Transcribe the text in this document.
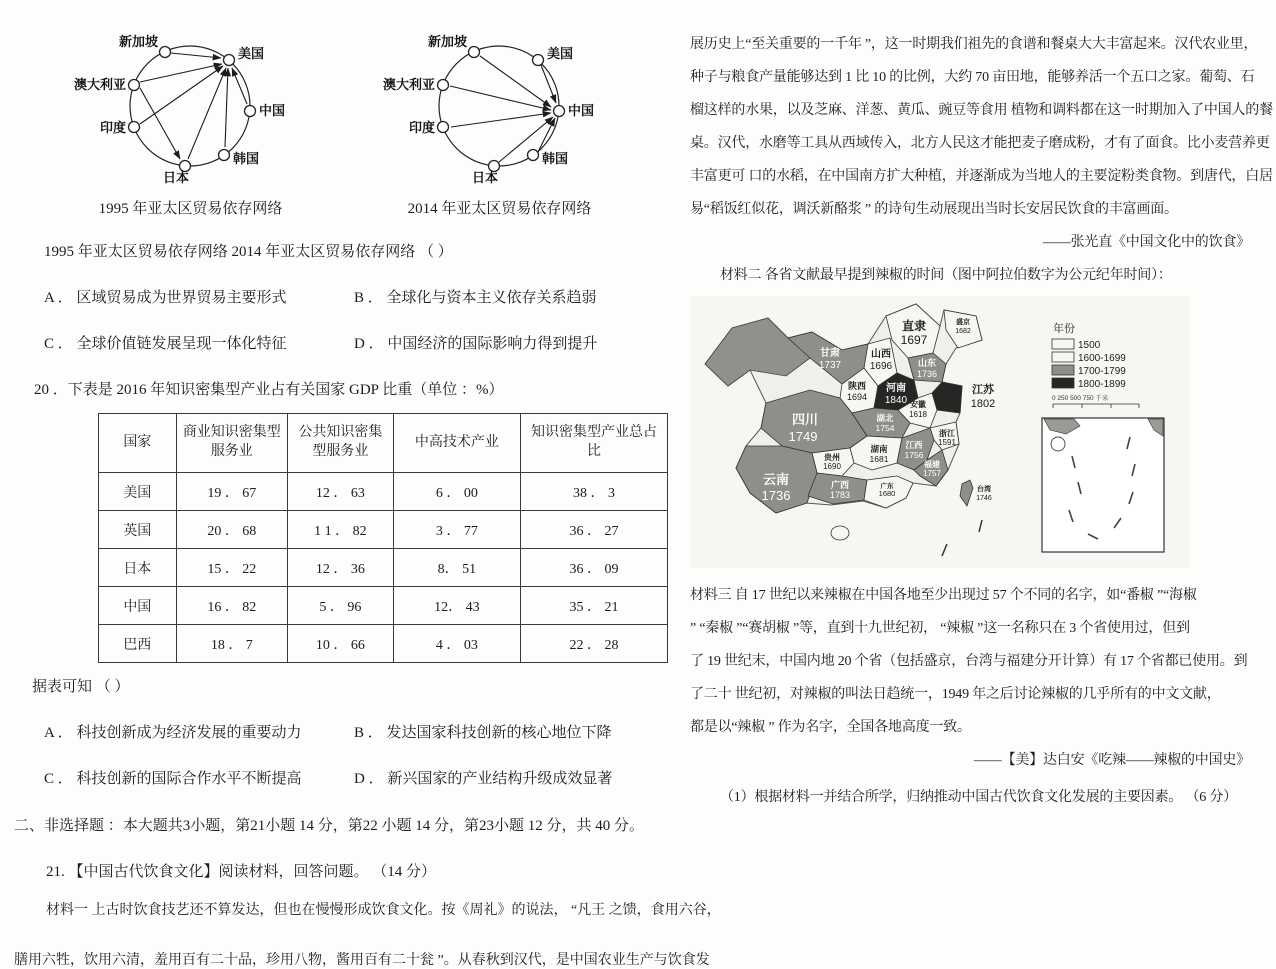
新加坡
美国
中国
韩国
日本
印度
澳大利亚
1995 年亚太区贸易依存网络
新加坡
美国
中国
韩国
日本
印度
澳大利亚
2014 年亚太区贸易依存网络
1995 年亚太区贸易依存网络 2014 年亚太区贸易依存网络 （ ）
A ． 区域贸易成为世界贸易主要形式	B ． 全球化与资本主义依存关系趋弱
C ． 全球价值链发展呈现一体化特征	D ． 中国经济的国际影响力得到提升
20 ．下表是 2016 年知识密集型产业占有关国家 GDP 比重（单位 ：%）
国家	商业知识密集型服务业	公共知识密集型服务业	中高技术产业	知识密集型产业总占比
美国	19 ． 67	12 ． 63	6 ． 00	38 ． 3
英国	20 ． 68	1 1 ． 82	3 ． 77	36 ． 27
日本	15 ． 22	12 ． 36	8． 51	36 ． 09
中国	16 ． 82	5 ． 96	12． 43	35 ． 21
巴西	18 ． 7	10 ． 66	4 ． 03	22 ． 28
据表可知 （ ）
A ． 科技创新成为经济发展的重要动力	B ． 发达国家科技创新的核心地位下降
C ． 科技创新的国际合作水平不断提高	D ． 新兴国家的产业结构升级成效显著
二、非选择题 ：本大题共3小题，第21小题 14 分，第22 小题 14 分，第23小题 12 分，共 40 分。
21. 【中国古代饮食文化】阅读材料，回答问题。 （14 分）
材料一 上古时饮食技艺还不算发达，但也在慢慢形成饮食文化。按《周礼》的说法， “凡王 之馈，食用六谷，
膳用六牲，饮用六清，羞用百有二十品，珍用八物，酱用百有二十瓮 ”。从春秋到汉代，是中国农业生产与饮食发

展历史上“至关重要的一千年 ”，这一时期我们祖先的食谱和餐桌大大丰富起来。汉代农业里，

种子与粮食产量能够达到 1 比 10 的比例，大约 70 亩田地，能够养活一个五口之家。葡萄、石

榴这样的水果，以及芝麻、洋葱、黄瓜、豌豆等食用 植物和调料都在这一时期加入了中国人的餐

桌。汉代，水磨等工具从西域传入，北方人民这才能把麦子磨成粉，才有了面食。比小麦营养更

丰富更可 口的水稻，在中国南方扩大种植，并逐渐成为当地人的主要淀粉类食物。到唐代，白居

易“稻饭红似花，调沃新酪浆 ” 的诗句生动展现出当时长安居民饮食的丰富画面。

——张光直《中国文化中的饮食》

材料二 各省文献最早提到辣椒的时间（图中阿拉伯数字为公元纪年时间）：

甘肃
1737
陕西
1694
山西
1696
直隶
1697
盛京
1682
山东
1736
河南
1840
江苏
1802
安徽
1618
四川
1749
湖北
1754
浙江
1591
湖南
1681
江西
1756
福建
1757
贵州
1690
云南
1736
广西
1783
广东
1680	台湾
1746
年份
1500
1600-1699
1700-1799
1800-1899
0 250 500 750 千米

材料三 自 17 世纪以来辣椒在中国各地至少出现过 57 个不同的名字，如“番椒 ”“海椒

” “秦椒 ”“赛胡椒 ”等，直到十九世纪初， “辣椒 ”这一名称只在 3 个省使用过，但到

了 19 世纪末，中国内地 20 个省（包括盛京，台湾与福建分开计算）有 17 个省都已使用。到

了二十 世纪初，对辣椒的叫法日趋统一，1949 年之后讨论辣椒的几乎所有的中文文献，

都是以“辣椒 ” 作为名字，全国各地高度一致。

——【美】达白安《吃辣——辣椒的中国史》

（1）根据材料一并结合所学，归纳推动中国古代饮食文化发展的主要因素。 （6 分）
